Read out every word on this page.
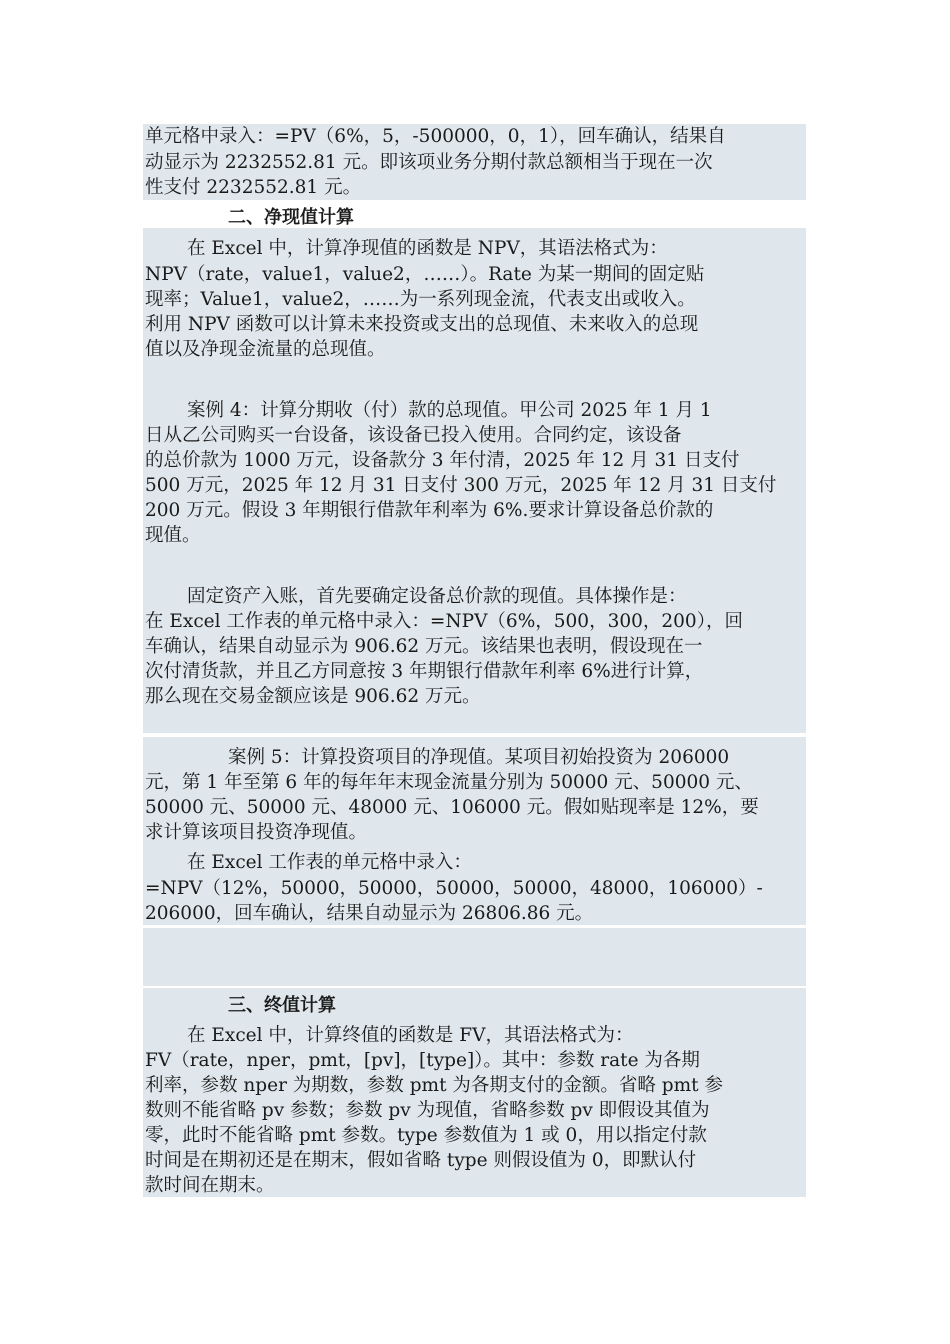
单元格中录入：=PV（6%，5，-500000，0，1），回车确认，结果自
动显示为 2232552.81 元。即该项业务分期付款总额相当于现在一次
性支付 2232552.81 元。
二、净现值计算
在 Excel 中，计算净现值的函数是 NPV，其语法格式为：
NPV（rate，value1，value2，……）。Rate 为某一期间的固定贴
现率；Value1，value2，……为一系列现金流，代表支出或收入。
利用 NPV 函数可以计算未来投资或支出的总现值、未来收入的总现
值以及净现金流量的总现值。
案例 4：计算分期收（付）款的总现值。甲公司 2025 年 1 月 1
日从乙公司购买一台设备，该设备已投入使用。合同约定，该设备
的总价款为 1000 万元，设备款分 3 年付清，2025 年 12 月 31 日支付
500 万元，2025 年 12 月 31 日支付 300 万元，2025 年 12 月 31 日支付
200 万元。假设 3 年期银行借款年利率为 6%.要求计算设备总价款的
现值。
固定资产入账，首先要确定设备总价款的现值。具体操作是：
在 Excel 工作表的单元格中录入：=NPV（6%，500，300，200），回
车确认，结果自动显示为 906.62 万元。该结果也表明，假设现在一
次付清货款，并且乙方同意按 3 年期银行借款年利率 6%进行计算，
那么现在交易金额应该是 906.62 万元。
案例 5：计算投资项目的净现值。某项目初始投资为 206000
元，第 1 年至第 6 年的每年年末现金流量分别为 50000 元、50000 元、
50000 元、50000 元、48000 元、106000 元。假如贴现率是 12%，要
求计算该项目投资净现值。
在 Excel 工作表的单元格中录入：
=NPV（12%，50000，50000，50000，50000，48000，106000）-
206000，回车确认，结果自动显示为 26806.86 元。
三、终值计算
在 Excel 中，计算终值的函数是 FV，其语法格式为：
FV（rate，nper，pmt，[pv]，[type]）。其中：参数 rate 为各期
利率，参数 nper 为期数，参数 pmt 为各期支付的金额。省略 pmt 参
数则不能省略 pv 参数；参数 pv 为现值，省略参数 pv 即假设其值为
零，此时不能省略 pmt 参数。type 参数值为 1 或 0，用以指定付款
时间是在期初还是在期末，假如省略 type 则假设值为 0，即默认付
款时间在期末。
